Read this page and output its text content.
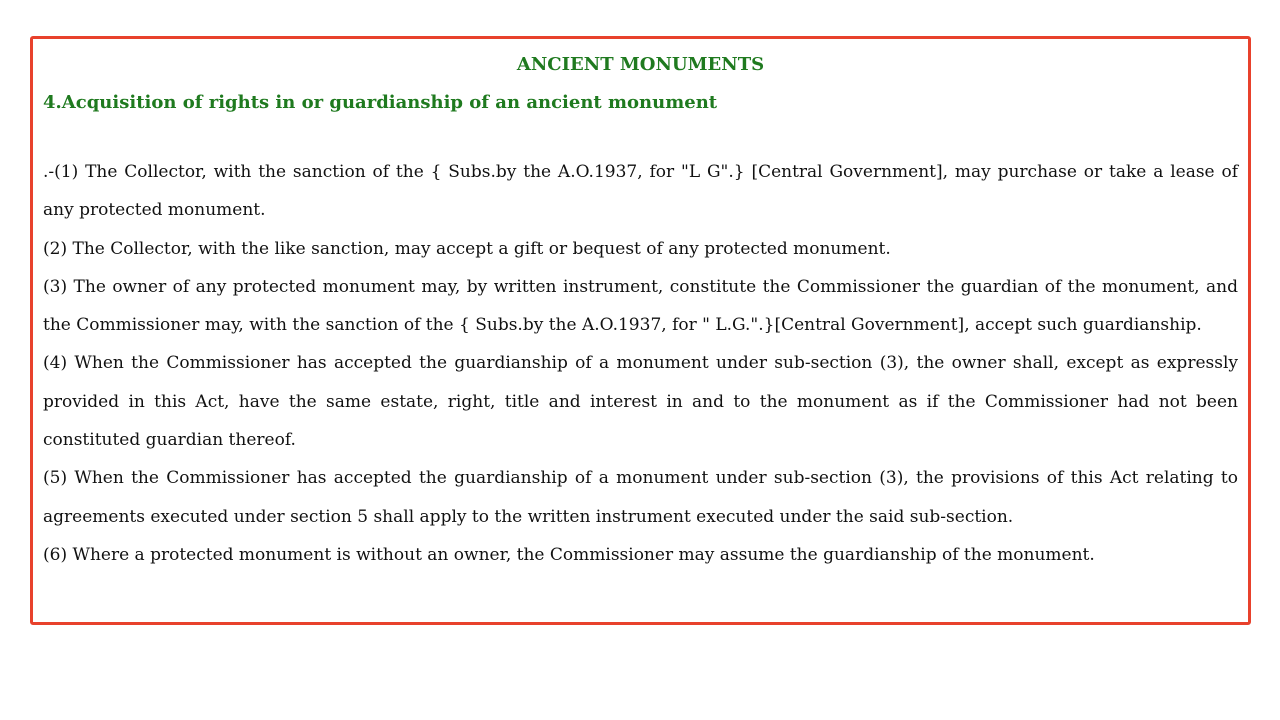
ANCIENT MONUMENTS
4.Acquisition of rights in or guardianship of an ancient monument

.-(1) The Collector, with the sanction of the { Subs.by the A.O.1937, for "L G".} [Central Government], may purchase or take a lease of any protected monument.

(2) The Collector, with the like sanction, may accept a gift or bequest of any protected monument.

(3) The owner of any protected monument may, by written instrument, constitute the Commissioner the guardian of the monument, and the Commissioner may, with the sanction of the { Subs.by the A.O.1937, for " L.G.".}[Central Government], accept such guardianship.

(4) When the Commissioner has accepted the guardianship of a monument under sub-section (3), the owner shall, except as expressly provided in this Act, have the same estate, right, title and interest in and to the monument as if the Commissioner had not been constituted guardian thereof.

(5) When the Commissioner has accepted the guardianship of a monument under sub-section (3), the provisions of this Act relating to agreements executed under section 5 shall apply to the written instrument executed under the said sub-section.

(6) Where a protected monument is without an owner, the Commissioner may assume the guardianship of the monument.
